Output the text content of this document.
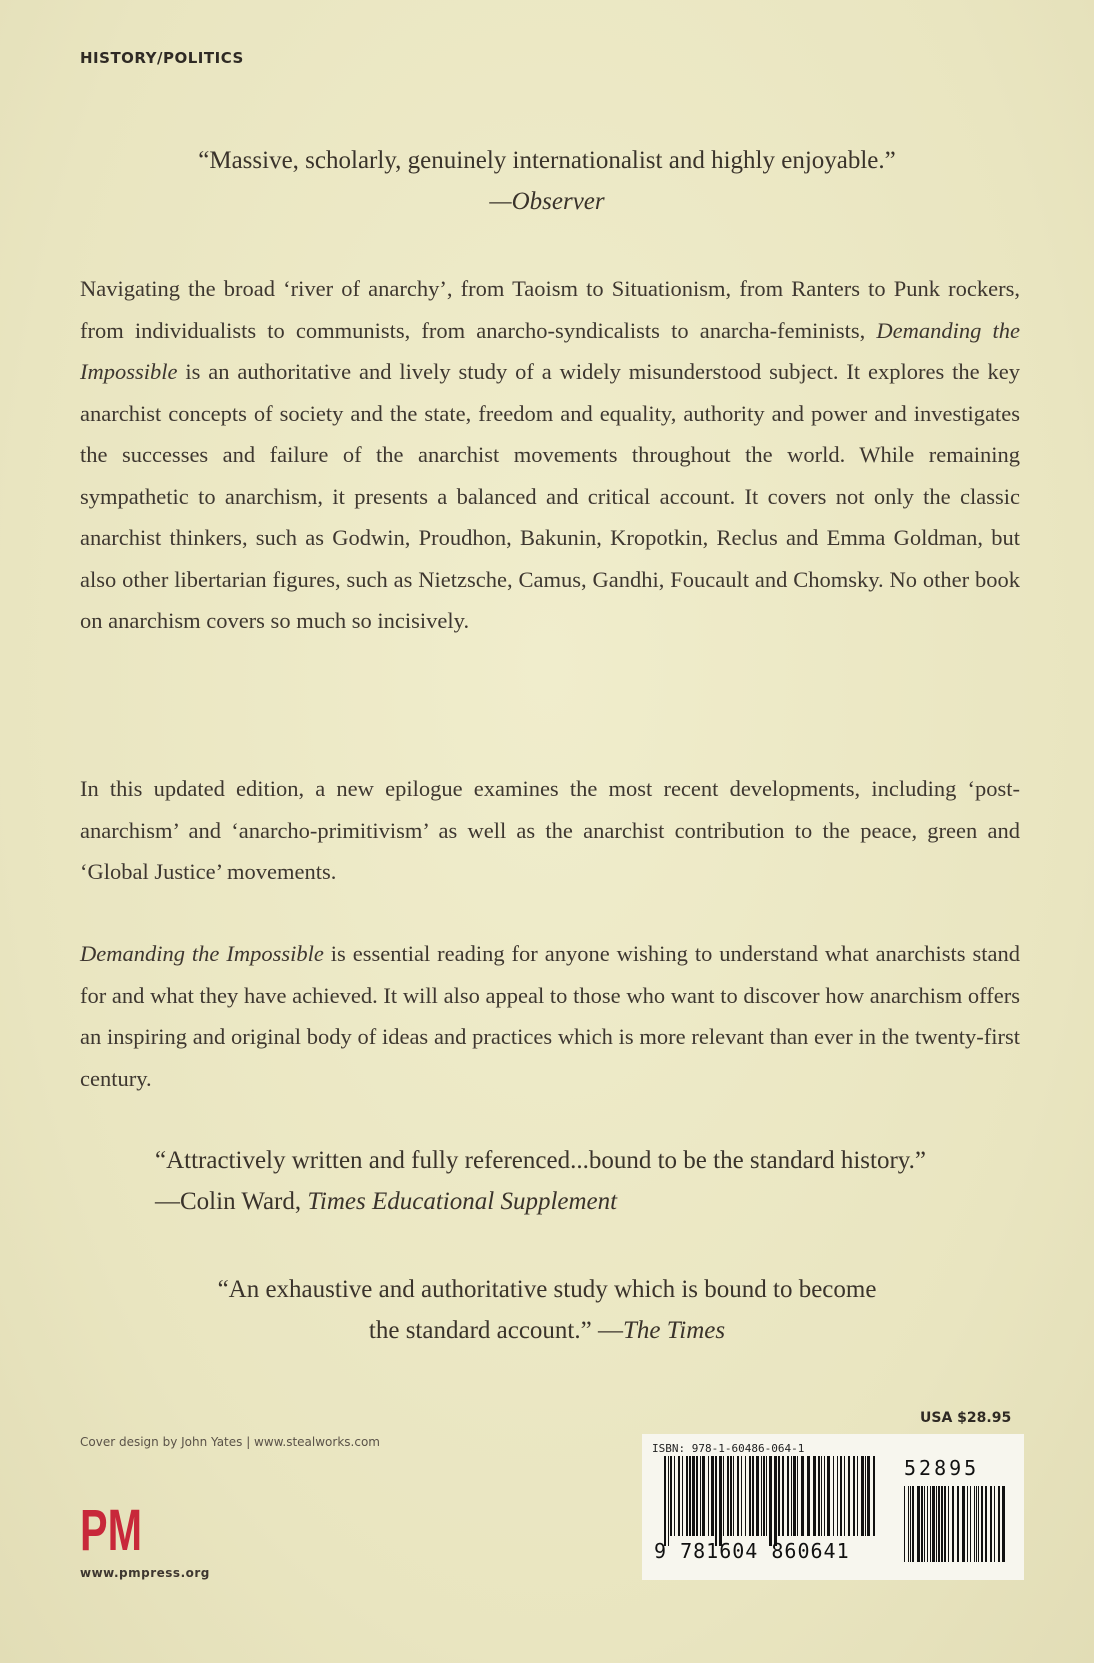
HISTORY/POLITICS
“Massive, scholarly, genuinely internationalist and highly enjoyable.”
—Observer
Navigating the broad ‘river of anarchy’, from Taoism to Situationism, from Ranters to Punk rockers, from individualists to communists, from anarcho-syndicalists to anarcha-feminists, Demanding the Impossible is an authoritative and lively study of a widely misunderstood subject. It explores the key anarchist concepts of society and the state, freedom and equality, authority and power and investigates the successes and failure of the anarchist movements throughout the world. While remaining sympathetic to anarchism, it presents a balanced and critical account. It covers not only the classic anarchist thinkers, such as Godwin, Proudhon, Bakunin, Kropotkin, Reclus and Emma Goldman, but also other libertarian figures, such as Nietzsche, Camus, Gandhi, Foucault and Chomsky. No other book on anarchism covers so much so incisively.
In this updated edition, a new epilogue examines the most recent developments, including ‘post-anarchism’ and ‘anarcho-primitivism’ as well as the anarchist contribution to the peace, green and ‘Global Justice’ movements.
Demanding the Impossible is essential reading for anyone wishing to understand what anarchists stand for and what they have achieved. It will also appeal to those who want to discover how anarchism offers an inspiring and original body of ideas and practices which is more relevant than ever in the twenty-first century.
“Attractively written and fully referenced...bound to be the standard history.” —Colin Ward, Times Educational Supplement
“An exhaustive and authoritative study which is bound to become
the standard account.” —The Times
USA $28.95
Cover design by John Yates | www.stealworks.com
PM
www.pmpress.org
ISBN: 978-1-60486-064-1
9 781604 860641
52895
